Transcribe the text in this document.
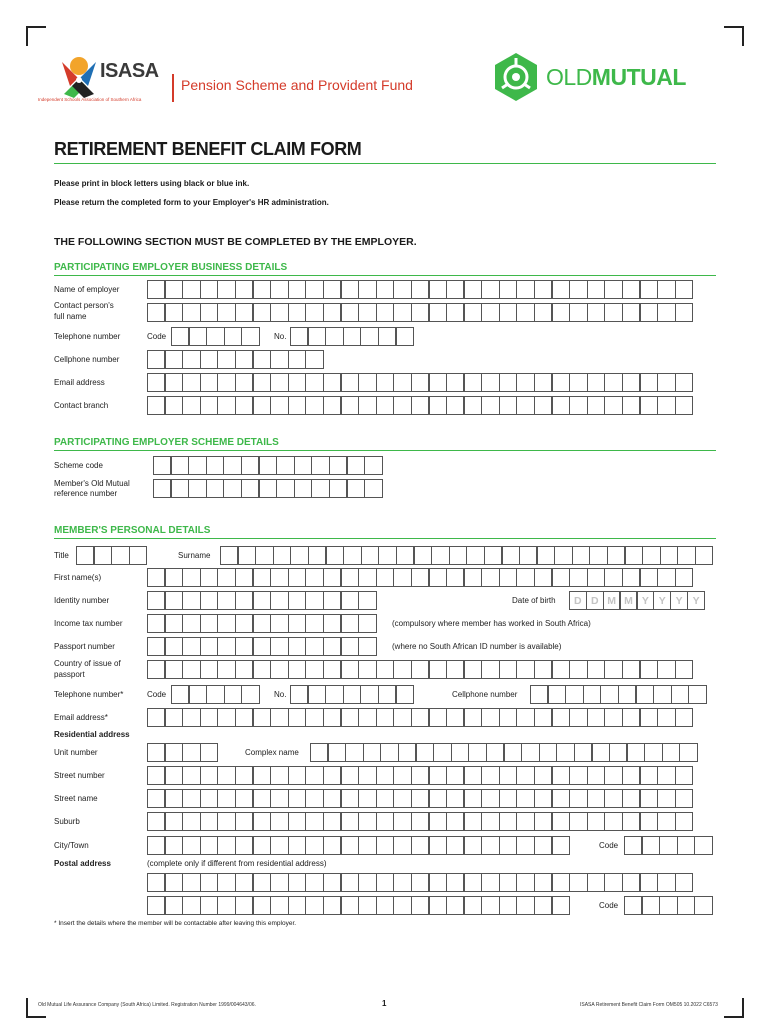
ISASA
Independent Schools Association of Southern Africa
Pension Scheme and Provident Fund	OLDMUTUAL
RETIREMENT BENEFIT CLAIM FORM
Please print in block letters using black or blue ink.
Please return the completed form to your Employer's HR administration.
THE FOLLOWING SECTION MUST BE COMPLETED BY THE EMPLOYER.
PARTICIPATING EMPLOYER BUSINESS DETAILS
Name of employer
Contact person's
full name
Telephone number	Code	No.
Cellphone number
Email address
Contact branch
PARTICIPATING EMPLOYER SCHEME DETAILS
Scheme code
Member's Old Mutual
reference number
MEMBER'S PERSONAL DETAILS
Title	Surname
First name(s)
Identity number	Date of birth	D D M M Y Y Y Y
Income tax number	(compulsory where member has worked in South Africa)
Passport number	(where no South African ID number is available)
Country of issue of
passport
Telephone number*	Code	No.	Cellphone number
Email address*
Residential address
Unit number	Complex name
Street number
Street name
Suburb
City/Town	Code
Postal address	(complete only if different from residential address)
Code
* Insert the details where the member will be contactable after leaving this employer.
Old Mutual Life Assurance Company (South Africa) Limited. Registration Number 1999/004643/06.	1	ISASA Retirement Benefit Claim Form OM505 10.2022 C6573
